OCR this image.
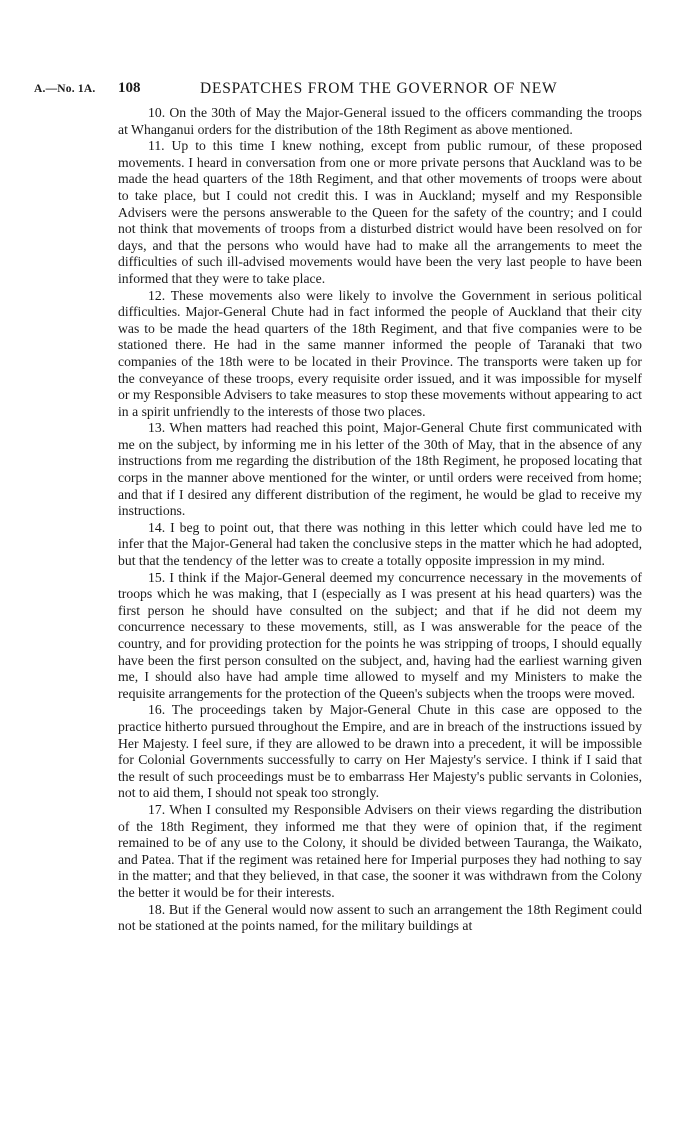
A.—No. 1A. 108	DESPATCHES FROM THE GOVERNOR OF NEW

10. On the 30th of May the Major-General issued to the officers commanding the troops at Whanganui orders for the distribution of the 18th Regiment as above mentioned.

11. Up to this time I knew nothing, except from public rumour, of these proposed movements. I heard in conversation from one or more private persons that Auckland was to be made the head quarters of the 18th Regiment, and that other movements of troops were about to take place, but I could not credit this. I was in Auckland; myself and my Responsible Advisers were the persons answerable to the Queen for the safety of the country; and I could not think that movements of troops from a disturbed district would have been resolved on for days, and that the persons who would have had to make all the arrangements to meet the difficulties of such ill-advised movements would have been the very last people to have been informed that they were to take place.

12. These movements also were likely to involve the Government in serious political difficulties. Major-General Chute had in fact informed the people of Auckland that their city was to be made the head quarters of the 18th Regiment, and that five companies were to be stationed there. He had in the same manner informed the people of Taranaki that two companies of the 18th were to be located in their Province. The transports were taken up for the conveyance of these troops, every requisite order issued, and it was impossible for myself or my Responsible Advisers to take measures to stop these movements without appearing to act in a spirit unfriendly to the interests of those two places.

13. When matters had reached this point, Major-General Chute first communicated with me on the subject, by informing me in his letter of the 30th of May, that in the absence of any instructions from me regarding the distribution of the 18th Regiment, he proposed locating that corps in the manner above mentioned for the winter, or until orders were received from home; and that if I desired any different distribution of the regiment, he would be glad to receive my instructions.

14. I beg to point out, that there was nothing in this letter which could have led me to infer that the Major-General had taken the conclusive steps in the matter which he had adopted, but that the tendency of the letter was to create a totally opposite impression in my mind.

15. I think if the Major-General deemed my concurrence necessary in the movements of troops which he was making, that I (especially as I was present at his head quarters) was the first person he should have consulted on the subject; and that if he did not deem my concurrence necessary to these movements, still, as I was answerable for the peace of the country, and for providing protection for the points he was stripping of troops, I should equally have been the first person consulted on the subject, and, having had the earliest warning given me, I should also have had ample time allowed to myself and my Ministers to make the requisite arrangements for the protection of the Queen's subjects when the troops were moved.

16. The proceedings taken by Major-General Chute in this case are opposed to the practice hitherto pursued throughout the Empire, and are in breach of the instructions issued by Her Majesty. I feel sure, if they are allowed to be drawn into a precedent, it will be impossible for Colonial Governments successfully to carry on Her Majesty's service. I think if I said that the result of such proceedings must be to embarrass Her Majesty's public servants in Colonies, not to aid them, I should not speak too strongly.

17. When I consulted my Responsible Advisers on their views regarding the distribution of the 18th Regiment, they informed me that they were of opinion that, if the regiment remained to be of any use to the Colony, it should be divided between Tauranga, the Waikato, and Patea. That if the regiment was retained here for Imperial purposes they had nothing to say in the matter; and that they believed, in that case, the sooner it was withdrawn from the Colony the better it would be for their interests.

18. But if the General would now assent to such an arrangement the 18th Regiment could not be stationed at the points named, for the military buildings at
